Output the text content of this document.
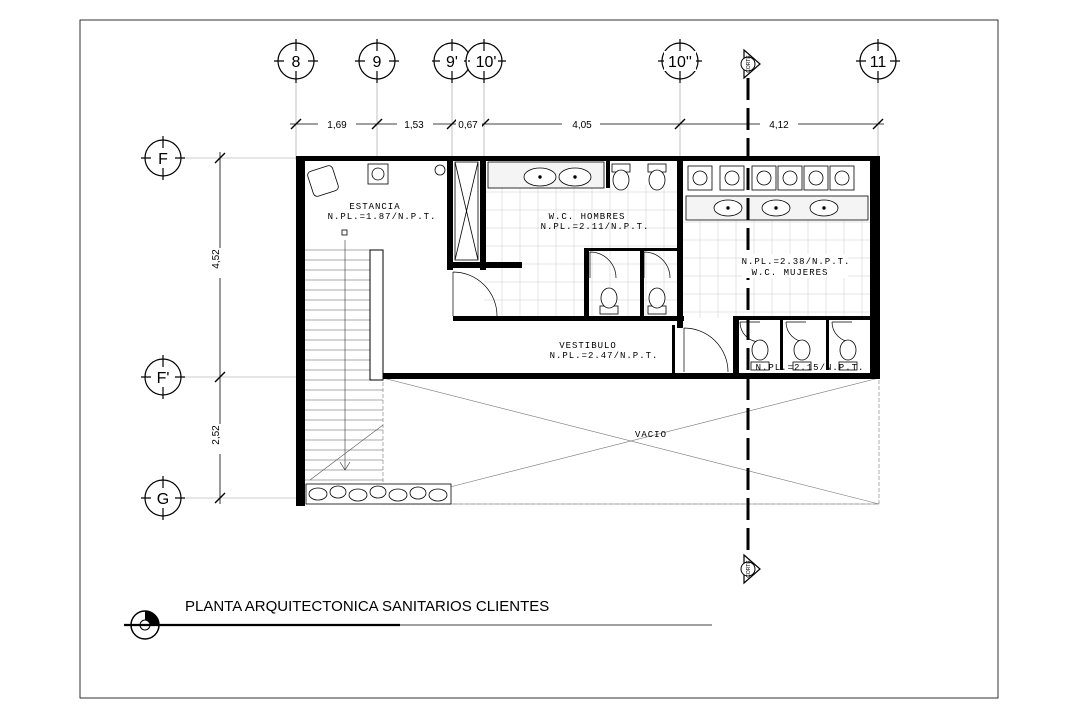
8	9	9' 10'	10''	11
F
F'
G
1,69	1,53	0,67	4,05	4,12
4,52
2,52
CORTE
CORTE
ESTANCIA
N.PL.=1.87/N.P.T.	W.C. HOMBRES
N.PL.=2.11/N.P.T.
N.PL.=2.38/N.P.T.
W.C. MUJERES
VESTIBULO
N.PL.=2.47/N.P.T.
N.PL.=2.15/N.P.T.
VACIO
PLANTA ARQUITECTONICA SANITARIOS CLIENTES
